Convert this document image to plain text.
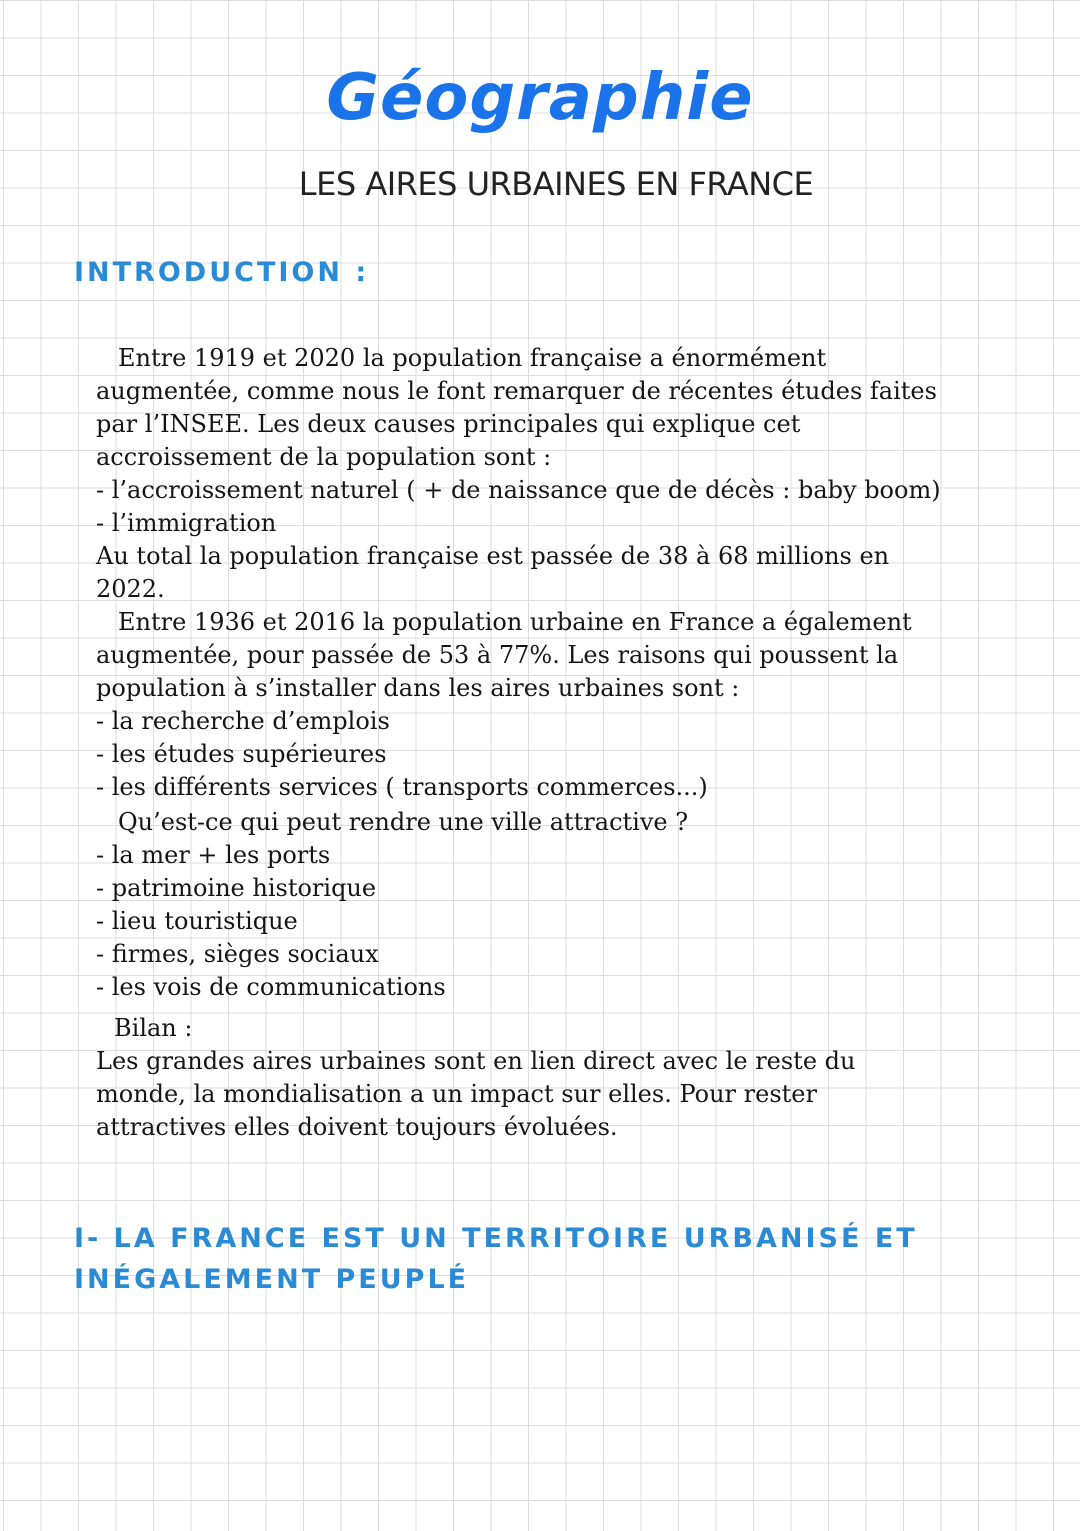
Géographie
LES AIRES URBAINES EN FRANCE
INTRODUCTION :

Entre 1919 et 2020 la population française a énormément

augmentée, comme nous le font remarquer de récentes études faites

par l’INSEE. Les deux causes principales qui explique cet

accroissement de la population sont :

- l’accroissement naturel ( + de naissance que de décès : baby boom)

- l’immigration

Au total la population française est passée de 38 à 68 millions en

2022.

Entre 1936 et 2016 la population urbaine en France a également

augmentée, pour passée de 53 à 77%. Les raisons qui poussent la

population à s’installer dans les aires urbaines sont :

- la recherche d’emplois

- les études supérieures

- les différents services ( transports commerces...)

Qu’est-ce qui peut rendre une ville attractive ?

- la mer + les ports

- patrimoine historique

- lieu touristique

- firmes, sièges sociaux

- les vois de communications

Bilan :

Les grandes aires urbaines sont en lien direct avec le reste du

monde, la mondialisation a un impact sur elles. Pour rester

attractives elles doivent toujours évoluées.

I- LA FRANCE EST UN TERRITOIRE URBANISÉ ET
INÉGALEMENT PEUPLÉ
